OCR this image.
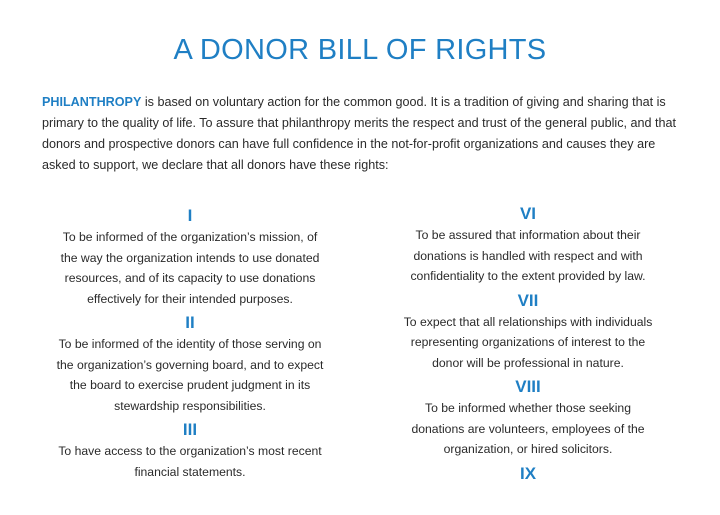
A DONOR BILL OF RIGHTS
PHILANTHROPY is based on voluntary action for the common good. It is a tradition of giving and sharing that is primary to the quality of life. To assure that philanthropy merits the respect and trust of the general public, and that donors and prospective donors can have full confidence in the not-for-profit organizations and causes they are asked to support, we declare that all donors have these rights:
I
To be informed of the organization’s mission, of
the way the organization intends to use donated
resources, and of its capacity to use donations
effectively for their intended purposes.
II
To be informed of the identity of those serving on
the organization’s governing board, and to expect
the board to exercise prudent judgment in its
stewardship responsibilities.
III
To have access to the organization’s most recent
financial statements.
VI
To be assured that information about their
donations is handled with respect and with
confidentiality to the extent provided by law.
VII
To expect that all relationships with individuals
representing organizations of interest to the
donor will be professional in nature.
VIII
To be informed whether those seeking
donations are volunteers, employees of the
organization, or hired solicitors.
IX
